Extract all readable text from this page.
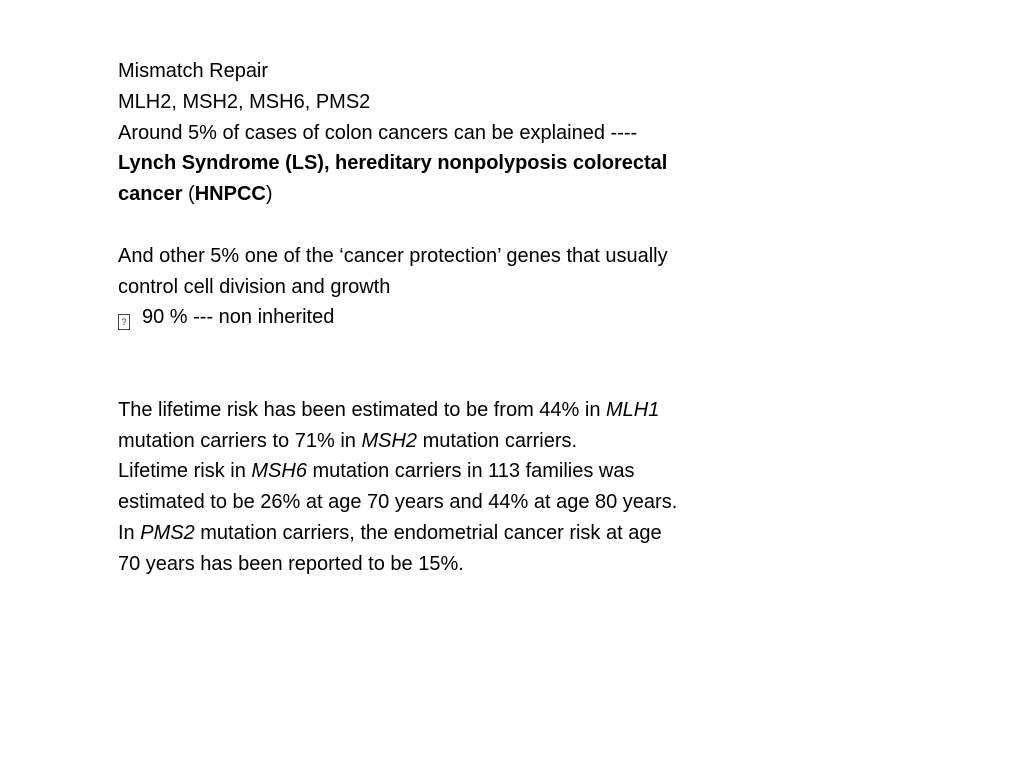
Mismatch Repair
MLH2, MSH2, MSH6, PMS2
Around 5% of cases of colon cancers can be explained ----
Lynch Syndrome (LS), hereditary nonpolyposis colorectal
cancer (HNPCC)
And other 5% one of the ‘cancer protection’ genes that usually
control cell division and growth
? 90 % --- non inherited
The lifetime risk has been estimated to be from 44% in MLH1
mutation carriers to 71% in MSH2 mutation carriers.
Lifetime risk in MSH6 mutation carriers in 113 families was
estimated to be 26% at age 70 years and 44% at age 80 years.
In PMS2 mutation carriers, the endometrial cancer risk at age
70 years has been reported to be 15%.
